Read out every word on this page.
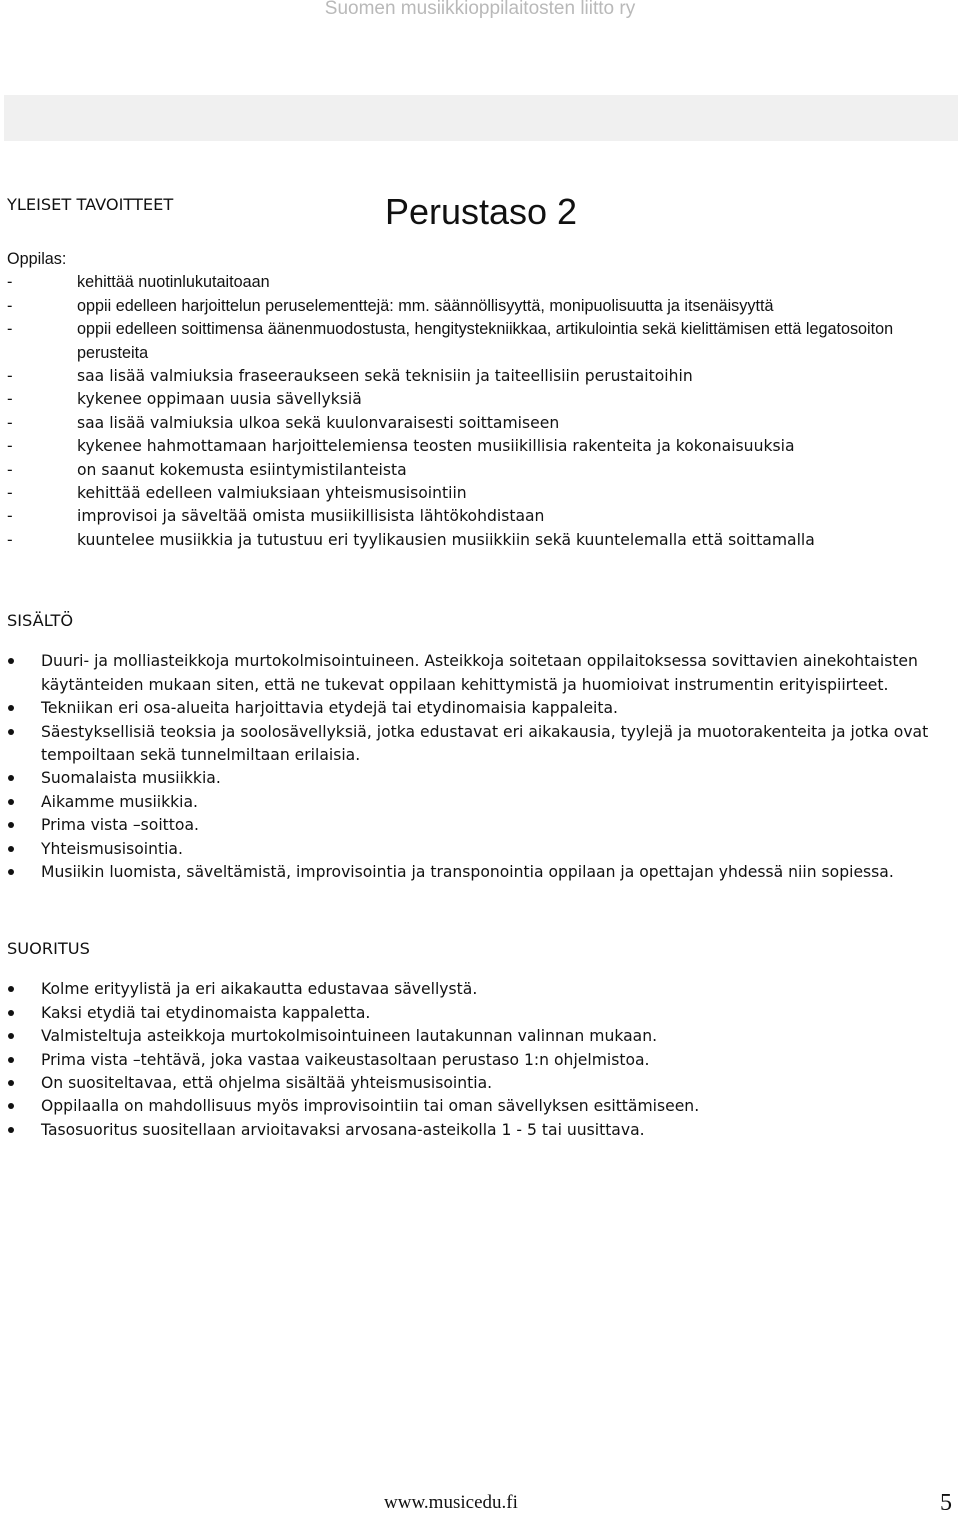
Suomen musiikkioppilaitosten liitto ry
Perustaso 2
YLEISET TAVOITTEET
Oppilas:
-	kehittää nuotinlukutaitoaan
-	oppii edelleen harjoittelun peruselementtejä: mm. säännöllisyyttä, monipuolisuutta ja itsenäisyyttä
-	oppii edelleen soittimensa äänenmuodostusta, hengitystekniikkaa, artikulointia sekä kielittämisen että legatosoiton perusteita
-	saa lisää valmiuksia fraseeraukseen sekä teknisiin ja taiteellisiin perustaitoihin
-	kykenee oppimaan uusia sävellyksiä
-	saa lisää valmiuksia ulkoa sekä kuulonvaraisesti soittamiseen
-	kykenee hahmottamaan harjoittelemiensa teosten musiikillisia rakenteita ja kokonaisuuksia
-	on saanut kokemusta esiintymistilanteista
-	kehittää edelleen valmiuksiaan yhteismusisointiin
-	improvisoi ja säveltää omista musiikillisista lähtökohdistaan
-	kuuntelee musiikkia ja tutustuu eri tyylikausien musiikkiin sekä kuuntelemalla että soittamalla
SISÄLTÖ
Duuri- ja molliasteikkoja murtokolmisointuineen. Asteikkoja soitetaan oppilaitoksessa sovittavien ainekohtaisten käytänteiden mukaan siten, että ne tukevat oppilaan kehittymistä ja huomioivat instrumentin erityispiirteet.
Tekniikan eri osa-alueita harjoittavia etydejä tai etydinomaisia kappaleita.
Säestyksellisiä teoksia ja soolosävellyksiä, jotka edustavat eri aikakausia, tyylejä ja muotorakenteita ja jotka ovat tempoiltaan sekä tunnelmiltaan erilaisia.
Suomalaista musiikkia.
Aikamme musiikkia.
Prima vista –soittoa.
Yhteismusisointia.
Musiikin luomista, säveltämistä, improvisointia ja transponointia oppilaan ja opettajan yhdessä niin sopiessa.
SUORITUS
Kolme erityylistä ja eri aikakautta edustavaa sävellystä.
Kaksi etydiä tai etydinomaista kappaletta.
Valmisteltuja asteikkoja murtokolmisointuineen lautakunnan valinnan mukaan.
Prima vista –tehtävä, joka vastaa vaikeustasoltaan perustaso 1:n ohjelmistoa.
On suositeltavaa, että ohjelma sisältää yhteismusisointia.
Oppilaalla on mahdollisuus myös improvisointiin tai oman sävellyksen esittämiseen.
Tasosuoritus suositellaan arvioitavaksi arvosana-asteikolla 1 - 5 tai uusittava.
www.musicedu.fi	5
